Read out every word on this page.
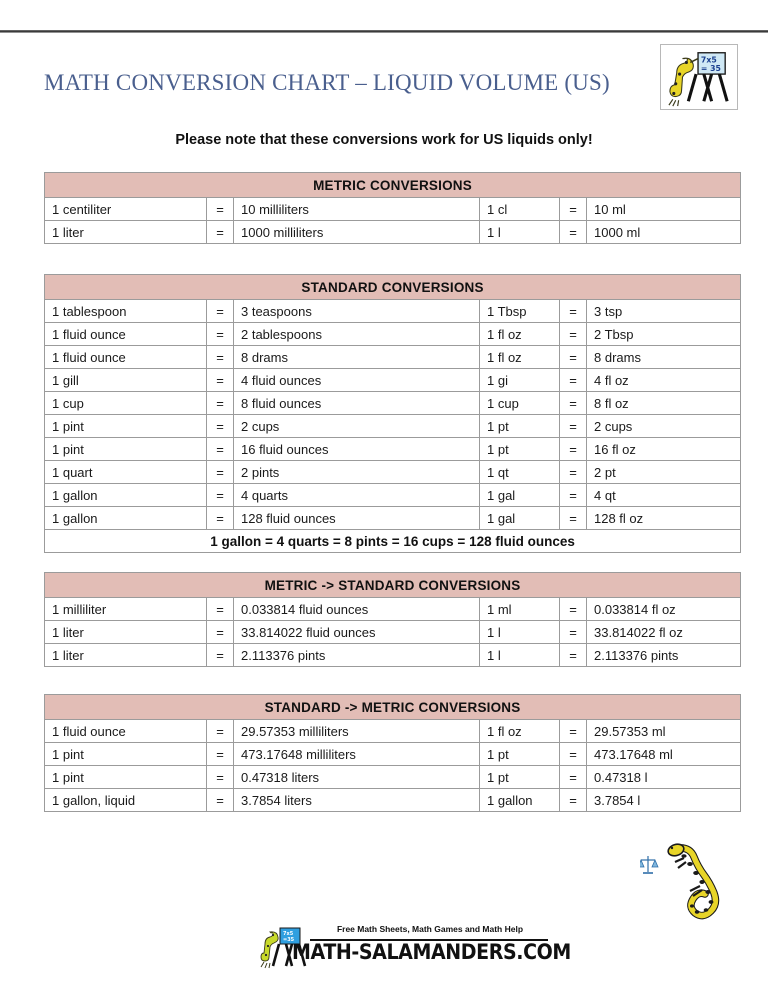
MATH CONVERSION CHART – LIQUID VOLUME (US)
7x5
= 35
Please note that these conversions work for US liquids only!
METRIC CONVERSIONS					
1 centiliter	=	10 milliliters	1 cl	=	10 ml
1 liter	=	1000 milliliters	1 l	=	1000 ml
STANDARD CONVERSIONS					
1 tablespoon	=	3 teaspoons	1 Tbsp	=	3 tsp
1 fluid ounce	=	2 tablespoons	1 fl oz	=	2 Tbsp
1 fluid ounce	=	8 drams	1 fl oz	=	8 drams
1 gill	=	4 fluid ounces	1 gi	=	4 fl oz
1 cup	=	8 fluid ounces	1 cup	=	8 fl oz
1 pint	=	2 cups	1 pt	=	2 cups
1 pint	=	16 fluid ounces	1 pt	=	16 fl oz
1 quart	=	2 pints	1 qt	=	2 pt
1 gallon	=	4 quarts	1 gal	=	4 qt
1 gallon	=	128 fluid ounces	1 gal	=	128 fl oz
1 gallon = 4 quarts = 8 pints = 16 cups = 128 fluid ounces					
METRIC -> STANDARD CONVERSIONS					
1 milliliter	=	0.033814 fluid ounces	1 ml	=	0.033814 fl oz
1 liter	=	33.814022 fluid ounces	1 l	=	33.814022 fl oz
1 liter	=	2.113376 pints	1 l	=	2.113376 pints
STANDARD -> METRIC CONVERSIONS					
1 fluid ounce	=	29.57353 milliliters	1 fl oz	=	29.57353 ml
1 pint	=	473.17648 milliliters	1 pt	=	473.17648 ml
1 pint	=	0.47318 liters	1 pt	=	0.47318 l
1 gallon, liquid	=	3.7854 liters	1 gallon	=	3.7854 l
7x5
=35
Free Math Sheets, Math Games and Math Help
MATH-SALAMANDERS.COM
